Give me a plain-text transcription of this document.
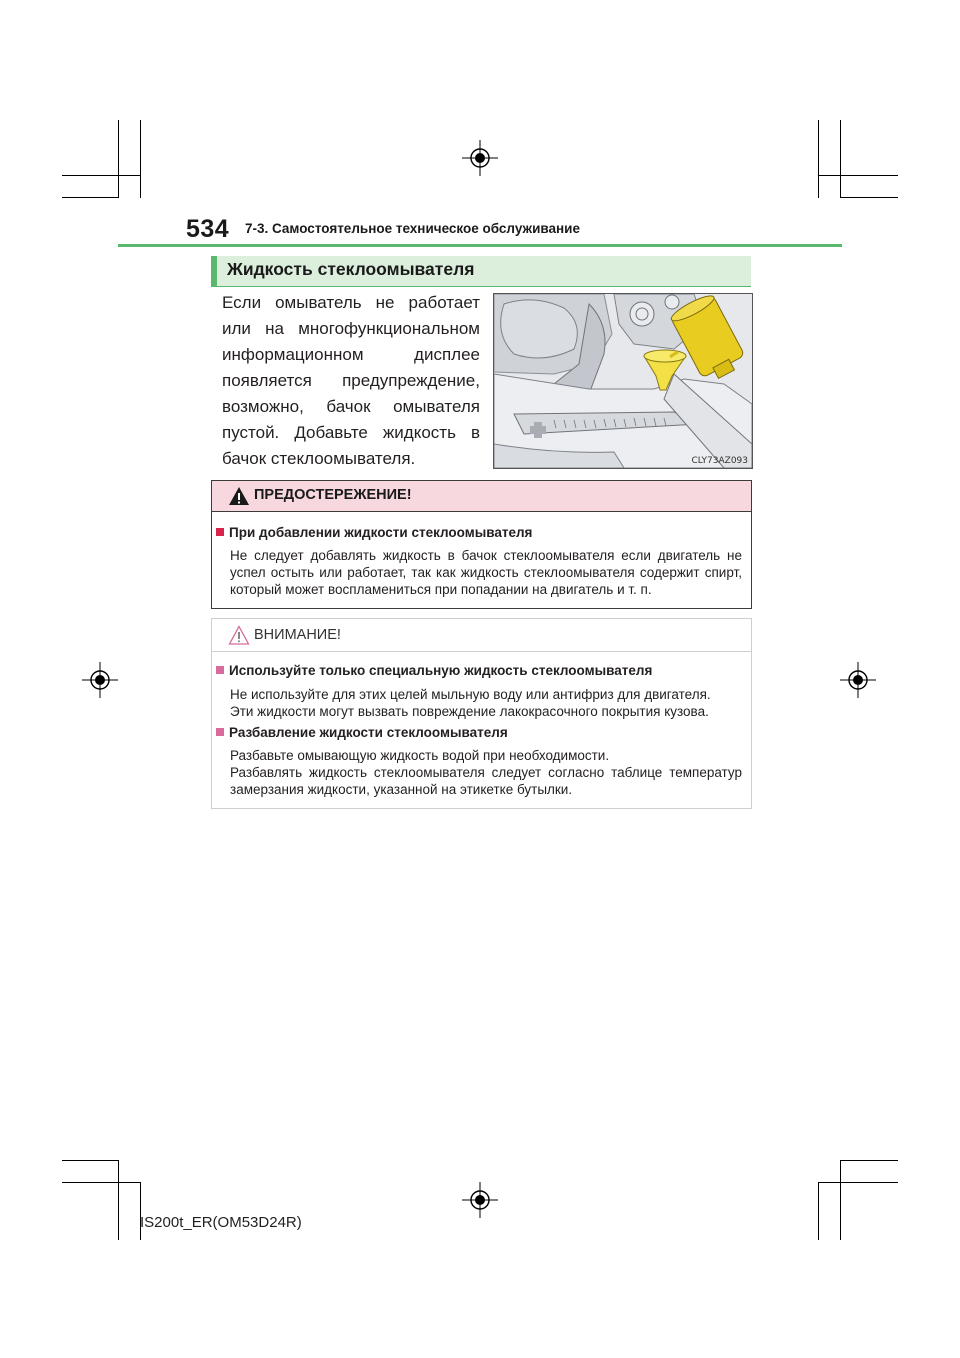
534 7-3. Самостоятельное техническое обслуживание
Жидкость стеклоомывателя
Если омыватель не работает или на многофункциональном информационном дисплее появляется предупреждение, возможно, бачок омывателя пустой. Добавьте жидкость в бачок стеклоомывателя.	CLY73AZ093
ПРЕДОСТЕРЕЖЕНИЕ!
При добавлении жидкости стеклоомывателя
Не следует добавлять жидкость в бачок стеклоомывателя если двигатель не успел остыть или работает, так как жидкость стеклоомывателя содержит спирт, который может воспламениться при попадании на двигатель и т. п.
ВНИМАНИЕ!
Используйте только специальную жидкость стеклоомывателя
Не используйте для этих целей мыльную воду или антифриз для двигателя.
Эти жидкости могут вызвать повреждение лакокрасочного покрытия кузова.
Разбавление жидкости стеклоомывателя
Разбавьте омывающую жидкость водой при необходимости.
Разбавлять жидкость стеклоомывателя следует согласно таблице температур замерзания жидкости, указанной на этикетке бутылки.
IS200t_ER(OM53D24R)
